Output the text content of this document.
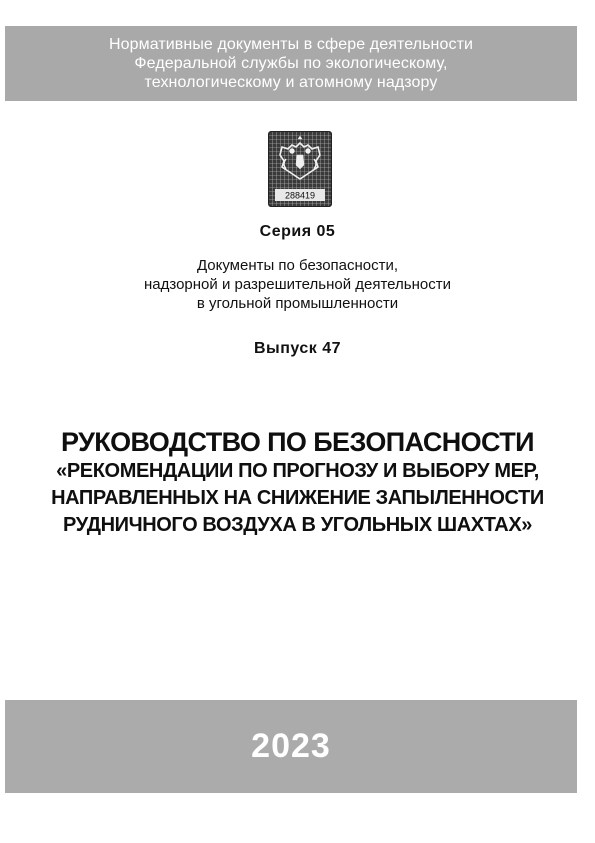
Нормативные документы в сфере деятельности
Федеральной службы по экологическому,
технологическому и атомному надзору
288419
Серия 05
Документы по безопасности,
надзорной и разрешительной деятельности
в угольной промышленности
Выпуск 47
РУКОВОДСТВО ПО БЕЗОПАСНОСТИ
«РЕКОМЕНДАЦИИ ПО ПРОГНОЗУ И ВЫБОРУ МЕР,
НАПРАВЛЕННЫХ НА СНИЖЕНИЕ ЗАПЫЛЕННОСТИ
РУДНИЧНОГО ВОЗДУХА В УГОЛЬНЫХ ШАХТАХ»
2023
